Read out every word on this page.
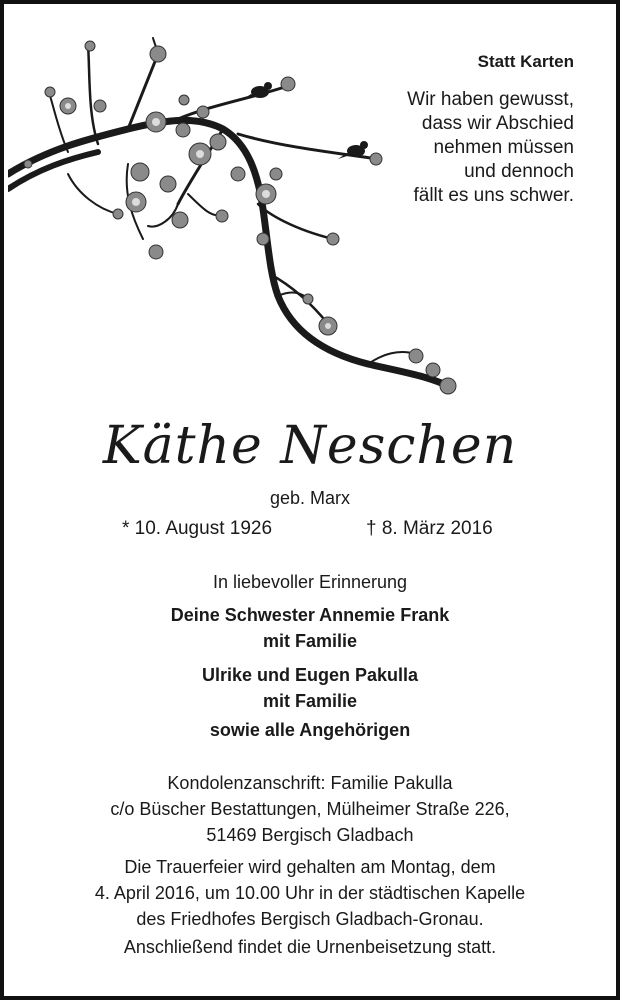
Statt Karten
Wir haben gewusst,
dass wir Abschied
nehmen müssen
und dennoch
fällt es uns schwer.
Käthe Neschen
geb. Marx
* 10. August 1926	† 8. März 2016
In liebevoller Erinnerung
Deine Schwester Annemie Frank
mit Familie
Ulrike und Eugen Pakulla
mit Familie
sowie alle Angehörigen
Kondolenzanschrift: Familie Pakulla
c/o Büscher Bestattungen, Mülheimer Straße 226,
51469 Bergisch Gladbach
Die Trauerfeier wird gehalten am Montag, dem
4. April 2016, um 10.00 Uhr in der städtischen Kapelle
des Friedhofes Bergisch Gladbach-Gronau.
Anschließend findet die Urnenbeisetzung statt.
